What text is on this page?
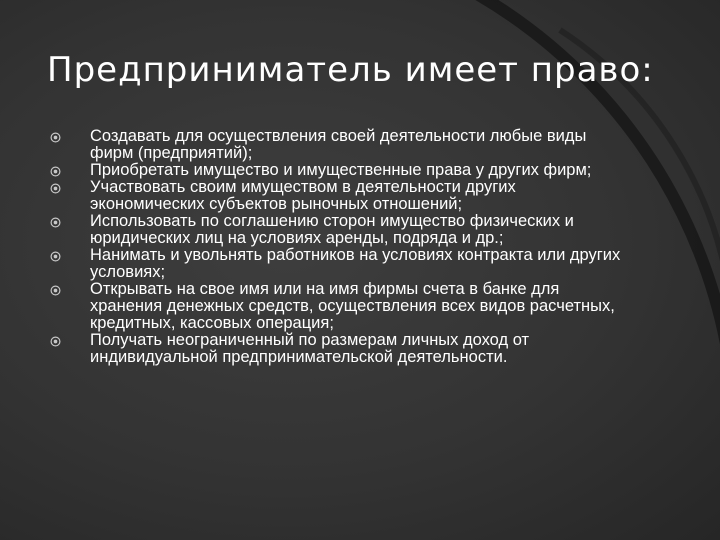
Предприниматель имеет право:
Создавать для осуществления своей деятельности любые виды фирм (предприятий);
Приобретать имущество и имущественные права у других фирм;
Участвовать своим имуществом в деятельности других экономических субъектов рыночных отношений;
Использовать по соглашению сторон имущество физических и юридических лиц на условиях аренды, подряда и др.;
Нанимать и увольнять работников на условиях контракта или других условиях;
Открывать на свое имя или на имя фирмы счета в банке для хранения денежных средств, осуществления всех видов расчетных, кредитных, кассовых операция;
Получать неограниченный по размерам личных доход от индивидуальной предпринимательской деятельности.
